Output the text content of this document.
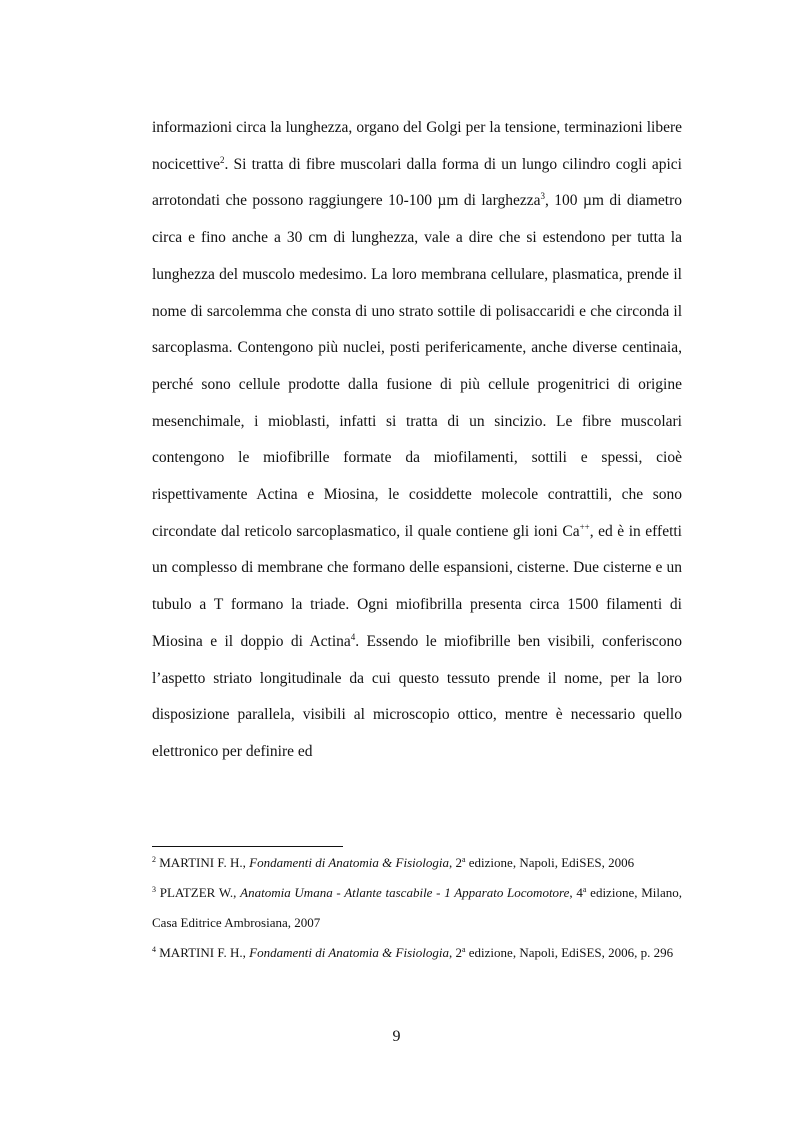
informazioni circa la lunghezza, organo del Golgi per la tensione, terminazioni libere nocicettive$^2$. Si tratta di fibre muscolari dalla forma di un lungo cilindro cogli apici arrotondati che possono raggiungere 10-100 µm di larghezza$^3$, 100 µm di diametro circa e fino anche a 30 cm di lunghezza, vale a dire che si estendono per tutta la lunghezza del muscolo medesimo. La loro membrana cellulare, plasmatica, prende il nome di sarcolemma che consta di uno strato sottile di polisaccaridi e che circonda il sarcoplasma. Contengono più nuclei, posti perifericamente, anche diverse centinaia, perché sono cellule prodotte dalla fusione di più cellule progenitrici di origine mesenchimale, i mioblasti, infatti si tratta di un sincizio. Le fibre muscolari contengono le miofibrille formate da miofilamenti, sottili e spessi, cioè rispettivamente Actina e Miosina, le cosiddette molecole contrattili, che sono circondate dal reticolo sarcoplasmatico, il quale contiene gli ioni Ca++, ed è in effetti un complesso di membrane che formano delle espansioni, cisterne. Due cisterne e un tubulo a T formano la triade. Ogni miofibrilla presenta circa 1500 filamenti di Miosina e il doppio di Actina$^4$. Essendo le miofibrille ben visibili, conferiscono l’aspetto striato longitudinale da cui questo tessuto prende il nome, per la loro disposizione parallela, visibili al microscopio ottico, mentre è necessario quello elettronico per definire ed

$^2$ MARTINI F. H., Fondamenti di Anatomia & Fisiologia, 2$^a$ edizione, Napoli, EdiSES, 2006

$^3$ PLATZER W., Anatomia Umana - Atlante tascabile - 1 Apparato Locomotore, 4$^a$ edizione, Milano, Casa Editrice Ambrosiana, 2007

$^4$ MARTINI F. H., Fondamenti di Anatomia & Fisiologia, 2$^a$ edizione, Napoli, EdiSES, 2006, p. 296

9
